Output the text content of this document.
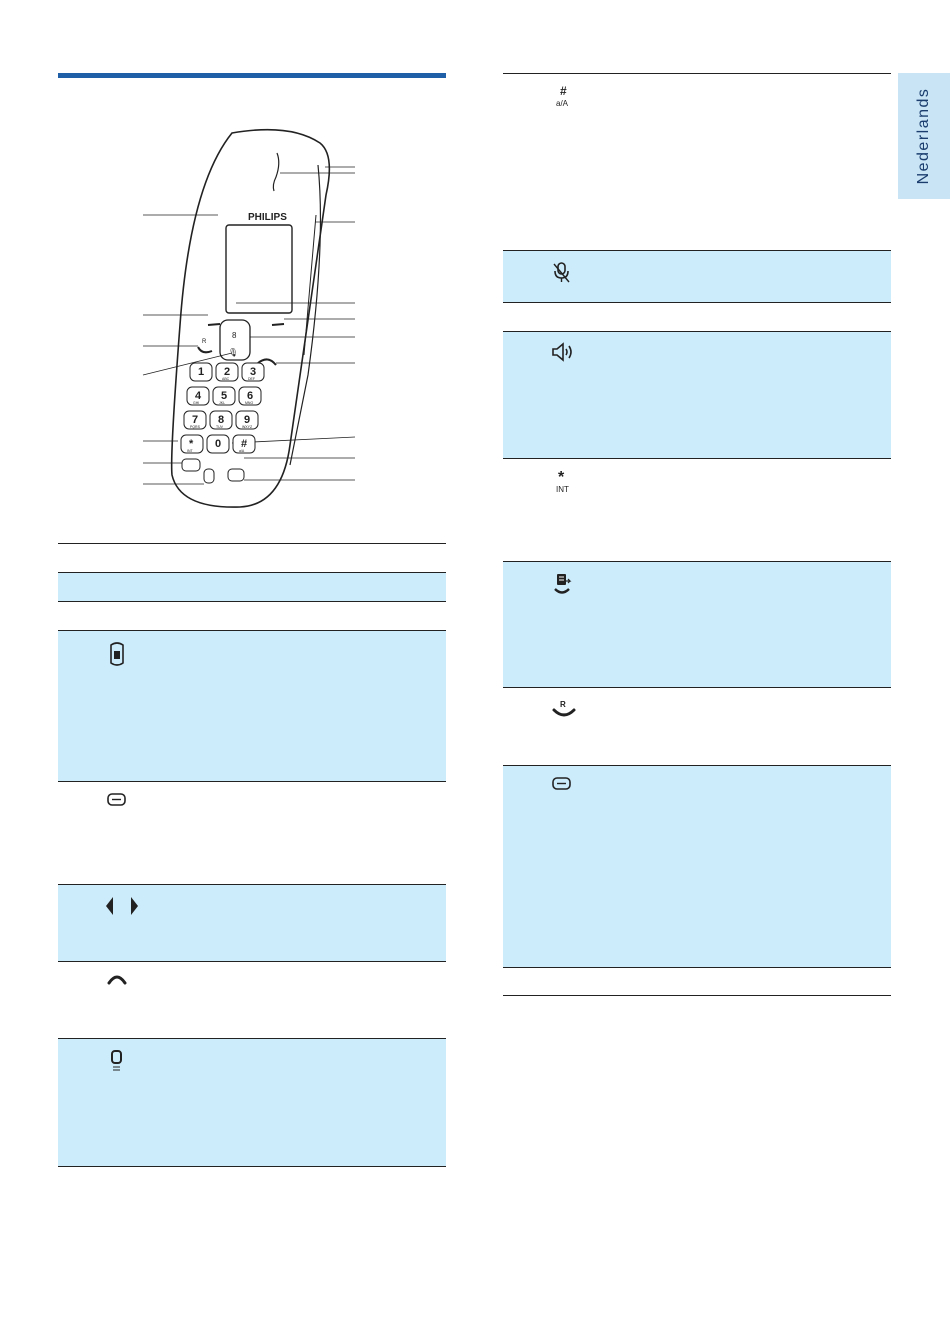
Nederlands
PHILIPS
8
🎙
R
1 2
ABC
3
DEF
4
GHI
5
JKL
6
MNO
7
PQRS
8
TUV
9
WXYZ
*
INT
0 #
a/A
#
a/A
*
INT
R
